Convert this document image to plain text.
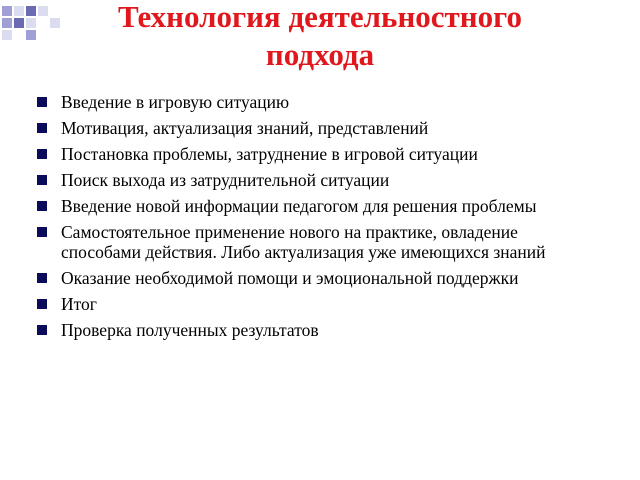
Технология деятельностного
подхода
Введение в игровую ситуацию
Мотивация, актуализация знаний, представлений
Постановка проблемы, затруднение в игровой ситуации
Поиск выхода из затруднительной ситуации
Введение новой информации педагогом для решения проблемы
Самостоятельное применение нового на практике, овладение способами действия. Либо актуализация уже имеющихся знаний
Оказание необходимой помощи и эмоциональной поддержки
Итог
Проверка полученных результатов
